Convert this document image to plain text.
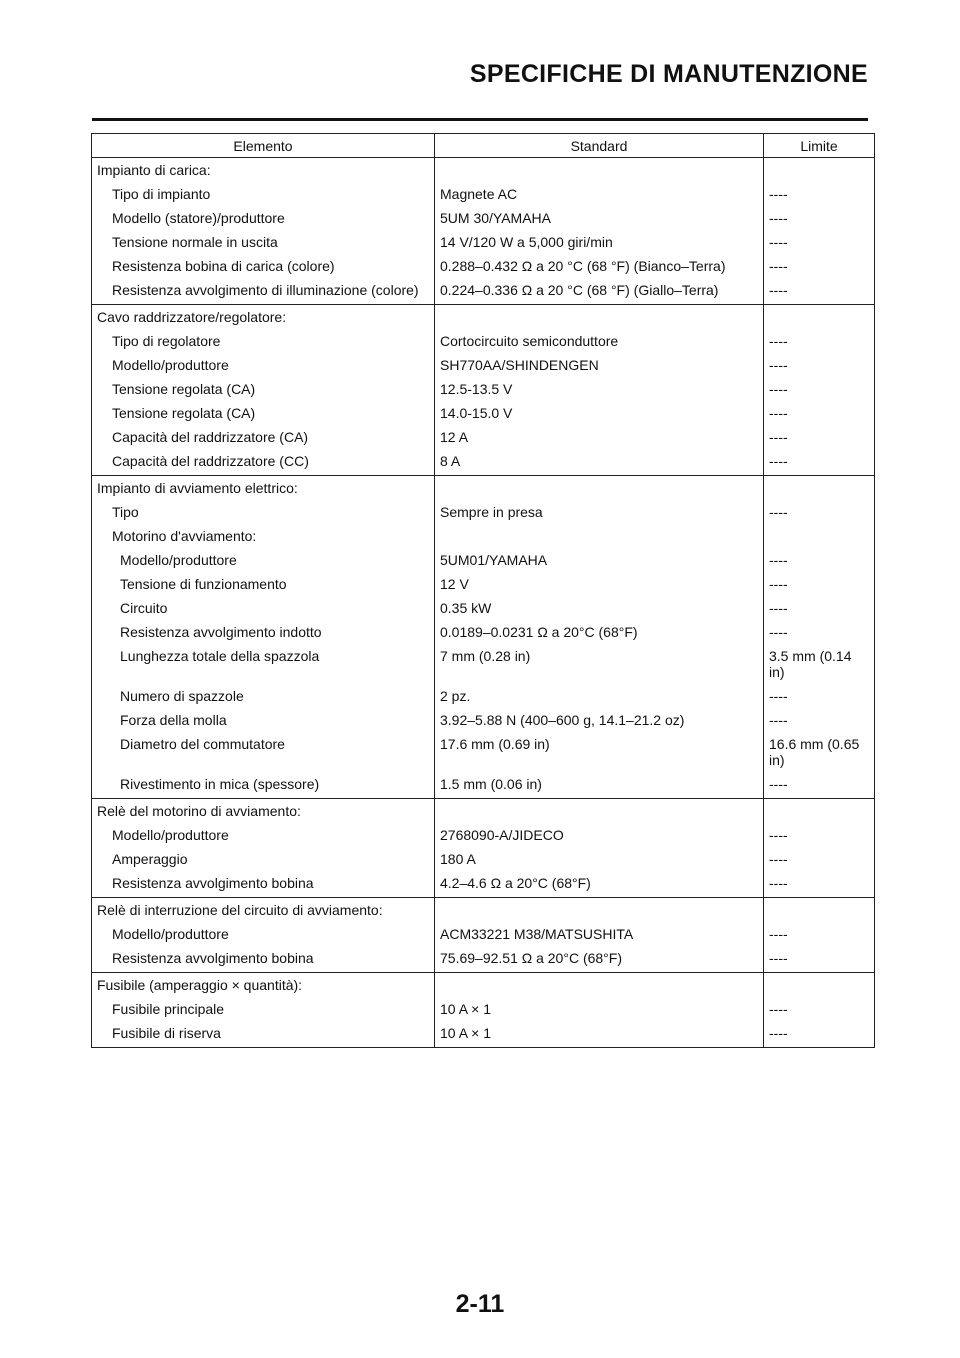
SPECIFICHE DI MANUTENZIONE
Elemento	Standard	Limite
Impianto di carica:		
Tipo di impianto	Magnete AC	----
Modello (statore)/produttore	5UM 30/YAMAHA	----
Tensione normale in uscita	14 V/120 W a 5,000 giri/min	----
Resistenza bobina di carica (colore)	0.288–0.432 Ω a 20 °C (68 °F) (Bianco–Terra)	----
Resistenza avvolgimento di illuminazione (colore)	0.224–0.336 Ω a 20 °C (68 °F) (Giallo–Terra)	----
Cavo raddrizzatore/regolatore:		
Tipo di regolatore	Cortocircuito semiconduttore	----
Modello/produttore	SH770AA/SHINDENGEN	----
Tensione regolata (CA)	12.5-13.5 V	----
Tensione regolata (CA)	14.0-15.0 V	----
Capacità del raddrizzatore (CA)	12 A	----
Capacità del raddrizzatore (CC)	8 A	----
Impianto di avviamento elettrico:		
Tipo	Sempre in presa	----
Motorino d'avviamento:		
Modello/produttore	5UM01/YAMAHA	----
Tensione di funzionamento	12 V	----
Circuito	0.35 kW	----
Resistenza avvolgimento indotto	0.0189–0.0231 Ω a 20°C (68°F)	----
Lunghezza totale della spazzola	7 mm (0.28 in)	3.5 mm (0.14 in)
Numero di spazzole	2 pz.	----
Forza della molla	3.92–5.88 N (400–600 g, 14.1–21.2 oz)	----
Diametro del commutatore	17.6 mm (0.69 in)	16.6 mm (0.65 in)
Rivestimento in mica (spessore)	1.5 mm (0.06 in)	----
Relè del motorino di avviamento:		
Modello/produttore	2768090-A/JIDECO	----
Amperaggio	180 A	----
Resistenza avvolgimento bobina	4.2–4.6 Ω a 20°C (68°F)	----
Relè di interruzione del circuito di avviamento:		
Modello/produttore	ACM33221 M38/MATSUSHITA	----
Resistenza avvolgimento bobina	75.69–92.51 Ω a 20°C (68°F)	----
Fusibile (amperaggio × quantità):		
Fusibile principale	10 A × 1	----
Fusibile di riserva	10 A × 1	----
2-11
